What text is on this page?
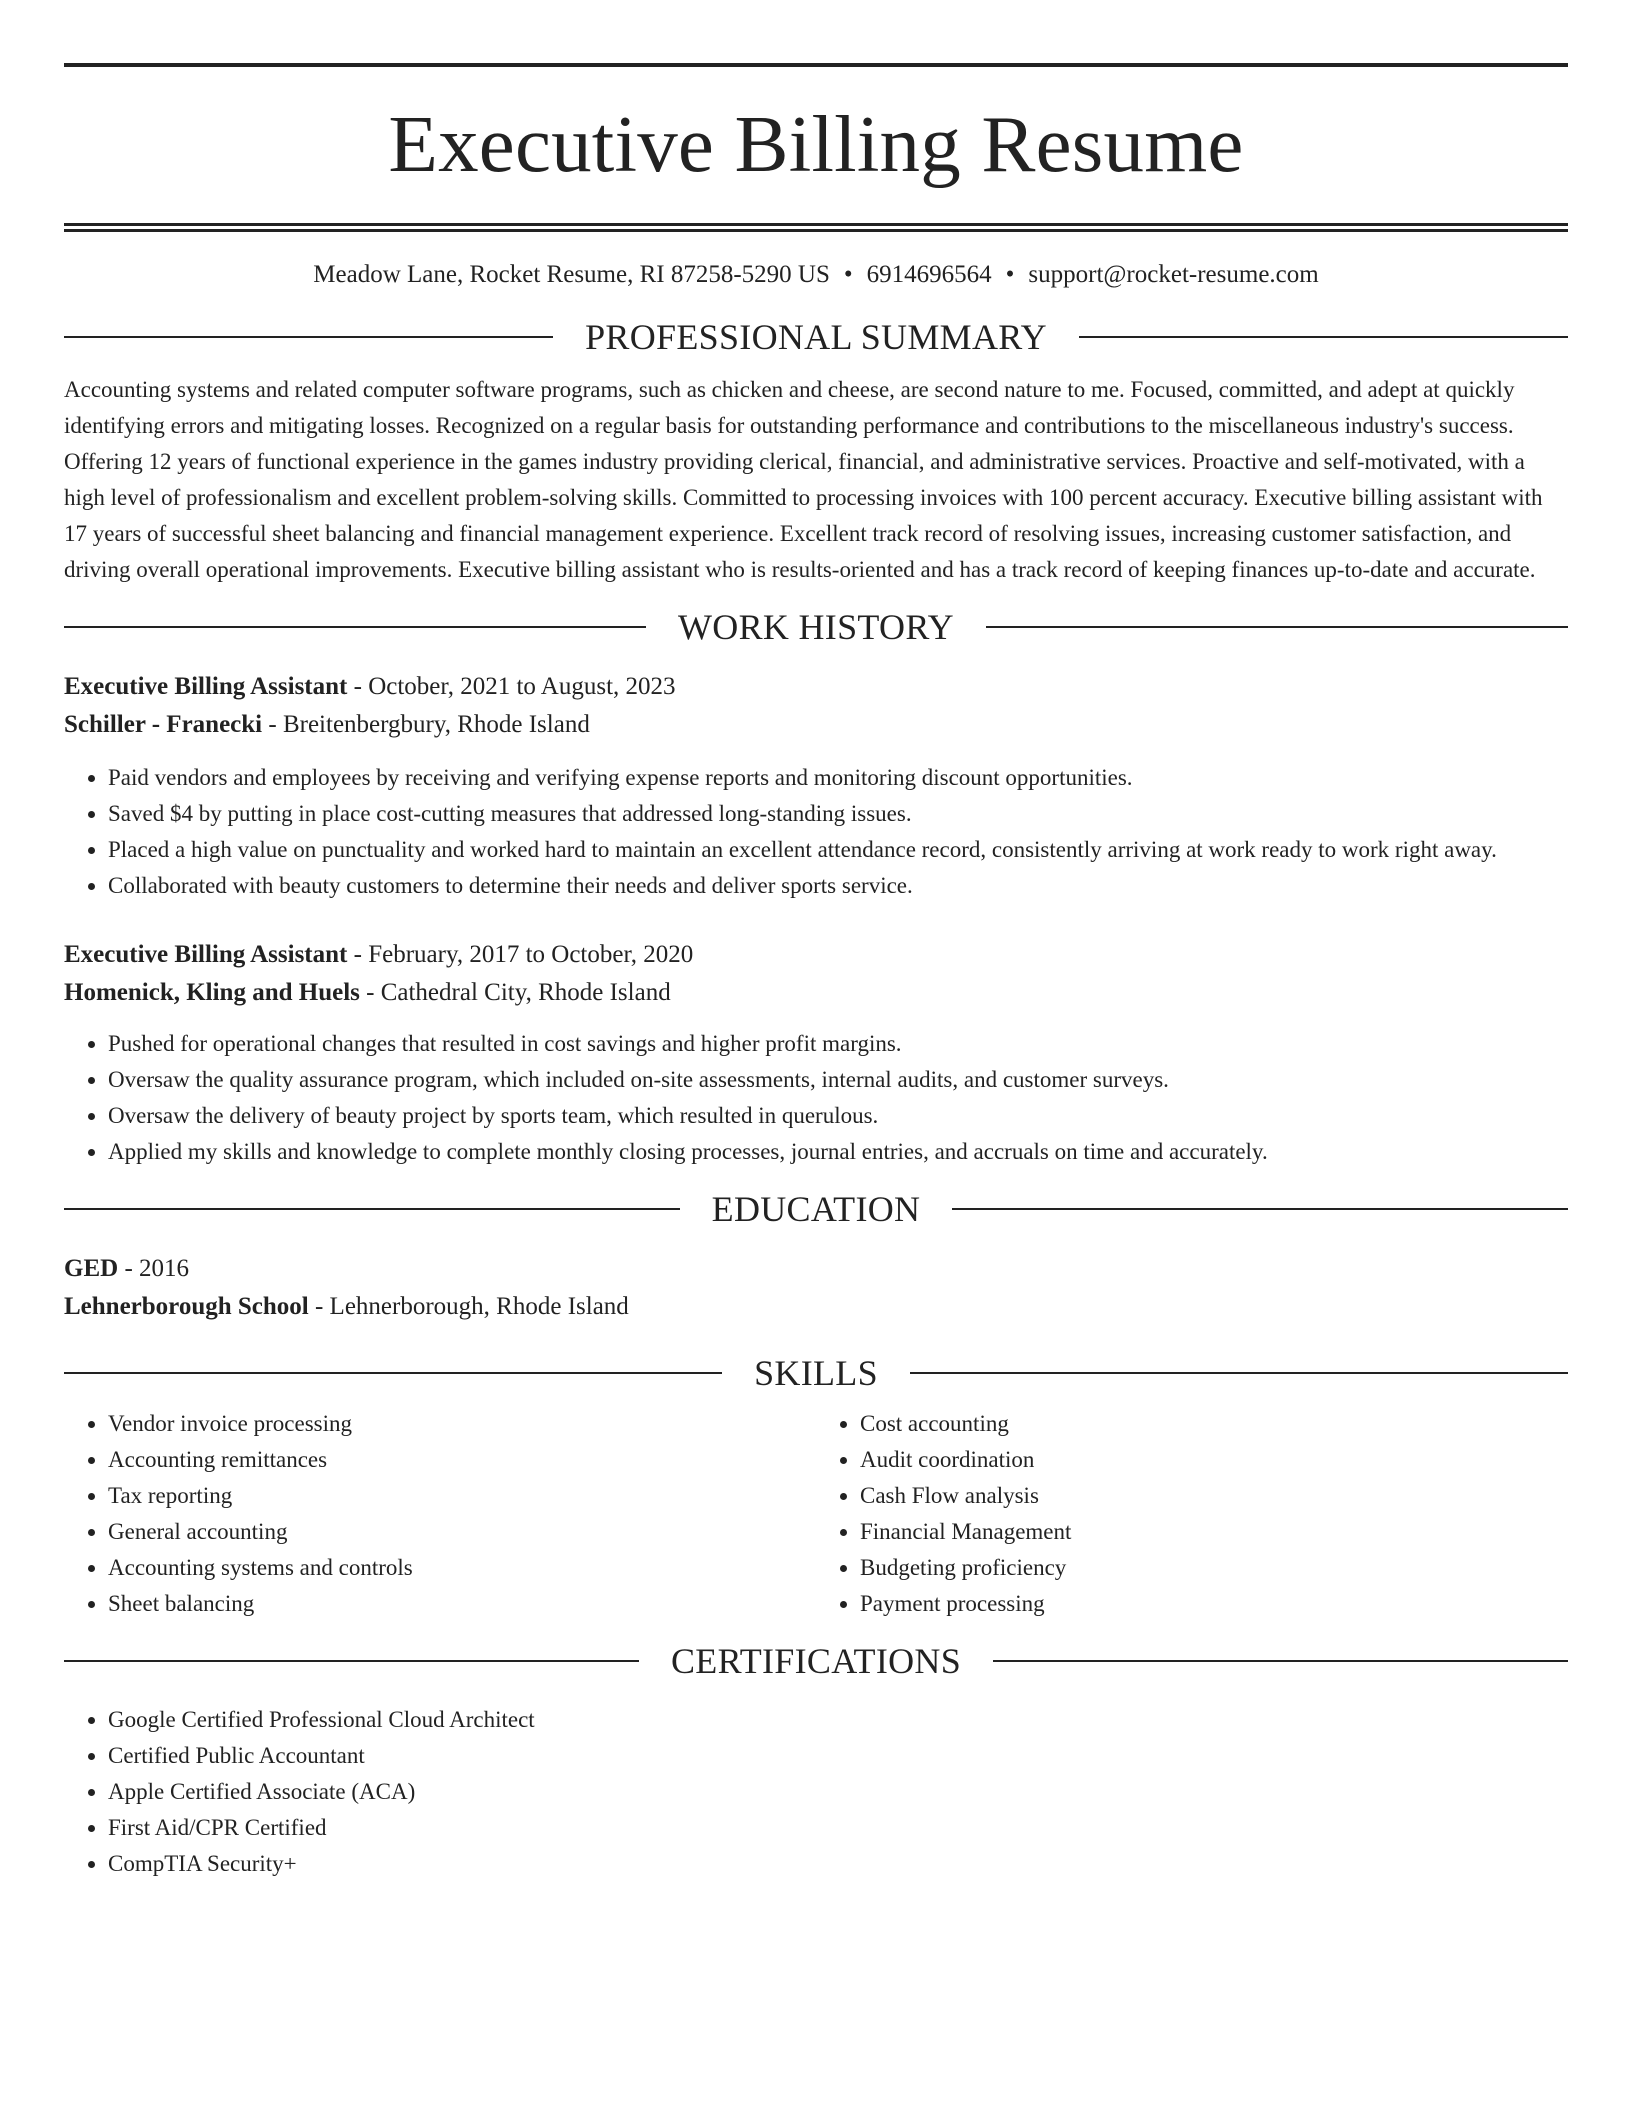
Executive Billing Resume
Meadow Lane, Rocket Resume, RI 87258-5290 US • 6914696564 • support@rocket-resume.com
PROFESSIONAL SUMMARY

Accounting systems and related computer software programs, such as chicken and cheese, are second nature to me. Focused, committed, and adept at quickly identifying errors and mitigating losses. Recognized on a regular basis for outstanding performance and contributions to the miscellaneous industry's success. Offering 12 years of functional experience in the games industry providing clerical, financial, and administrative services. Proactive and self-motivated, with a high level of professionalism and excellent problem-solving skills. Committed to processing invoices with 100 percent accuracy. Executive billing assistant with 17 years of successful sheet balancing and financial management experience. Excellent track record of resolving issues, increasing customer satisfaction, and driving overall operational improvements. Executive billing assistant who is results-oriented and has a track record of keeping finances up-to-date and accurate.

WORK HISTORY
Executive Billing Assistant - October, 2021 to August, 2023
Schiller - Franecki - Breitenbergbury, Rhode Island
• Paid vendors and employees by receiving and verifying expense reports and monitoring discount opportunities.
• Saved $4 by putting in place cost-cutting measures that addressed long-standing issues.
• Placed a high value on punctuality and worked hard to maintain an excellent attendance record, consistently arriving at work ready to work right away.
• Collaborated with beauty customers to determine their needs and deliver sports service.
Executive Billing Assistant - February, 2017 to October, 2020
Homenick, Kling and Huels - Cathedral City, Rhode Island
• Pushed for operational changes that resulted in cost savings and higher profit margins.
• Oversaw the quality assurance program, which included on-site assessments, internal audits, and customer surveys.
• Oversaw the delivery of beauty project by sports team, which resulted in querulous.
• Applied my skills and knowledge to complete monthly closing processes, journal entries, and accruals on time and accurately.
EDUCATION
GED - 2016
Lehnerborough School - Lehnerborough, Rhode Island
SKILLS
• Vendor invoice processing
• Accounting remittances
• Tax reporting
• General accounting
• Accounting systems and controls
• Sheet balancing
• Cost accounting
• Audit coordination
• Cash Flow analysis
• Financial Management
• Budgeting proficiency
• Payment processing
CERTIFICATIONS
• Google Certified Professional Cloud Architect
• Certified Public Accountant
• Apple Certified Associate (ACA)
• First Aid/CPR Certified
• CompTIA Security+
